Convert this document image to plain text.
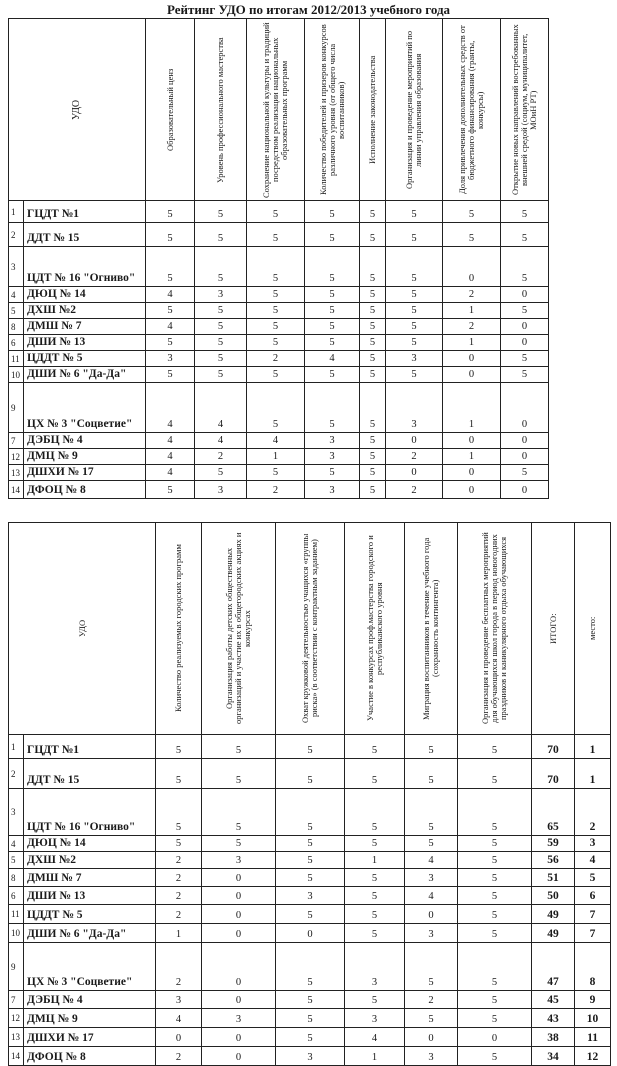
Рейтинг УДО по итогам 2012/2013 учебного года
УДО		Образовательный ценз	Уровень профессионального мастерства	Сохранение национальной культуры и традиций посредством реализации национальных образовательных программ	Количество победителей и призеров конкурсов различного уровня (от общего числа воспитанников)	Исполнение законодательства	Организация и проведение мероприятий по линии управления образования	Доля привлечения дополнительных средств от бюджетного финансирования (гранты, конкурсы)	Открытие новых направлений востребованных внешней средой (социум, муниципалитет, МОиН РТ)

1	ГЦДТ №1	5	5	5	5	5	5	5	5
2	ДДТ № 15	5	5	5	5	5	5	5	5
3	ЦДТ № 16 "Огниво"	5	5	5	5	5	5	0	5
4	ДЮЦ № 14	4	3	5	5	5	5	2	0
5	ДХШ №2	5	5	5	5	5	5	1	5
8	ДМШ № 7	4	5	5	5	5	5	2	0
6	ДШИ № 13	5	5	5	5	5	5	1	0
11	ЦДДТ № 5	3	5	2	4	5	3	0	5
10	ДШИ № 6 "Да-Да"	5	5	5	5	5	5	0	5
9	ЦХ № 3 "Соцветие"	4	4	5	5	5	3	1	0
7	ДЭБЦ № 4	4	4	4	3	5	0	0	0
12	ДМЦ № 9	4	2	1	3	5	2	1	0
13	ДШХИ № 17	4	5	5	5	5	0	0	5
14	ДФОЦ № 8	5	3	2	3	5	2	0	0
УДО		Количество реализуемых городских программ	Организация работы детских общественных организаций и участие их в общегородских акциях и конкурсах	Охват кружковой деятельностью учащихся «группы риска» (в соответствии с контрактным заданием)	Участие в конкурсах проф.мастерства городского и республиканского уровня	Миграция воспитанников в течение учебного года (сохранность контингента)	Организация и проведение бесплатных мероприятий для обучающихся школ города в период новогодних праздников и каникулярного отдыха обучающихся	ИТОГО:	место:

1	ГЦДТ №1	5	5	5	5	5	5	70	1
2	ДДТ № 15	5	5	5	5	5	5	70	1
3	ЦДТ № 16 "Огниво"	5	5	5	5	5	5	65	2
4	ДЮЦ № 14	5	5	5	5	5	5	59	3
5	ДХШ №2	2	3	5	1	4	5	56	4
8	ДМШ № 7	2	0	5	5	3	5	51	5
6	ДШИ № 13	2	0	3	5	4	5	50	6
11	ЦДДТ № 5	2	0	5	5	0	5	49	7
10	ДШИ № 6 "Да-Да"	1	0	0	5	3	5	49	7
9	ЦХ № 3 "Соцветие"	2	0	5	3	5	5	47	8
7	ДЭБЦ № 4	3	0	5	5	2	5	45	9
12	ДМЦ № 9	4	3	5	3	5	5	43	10
13	ДШХИ № 17	0	0	5	4	0	0	38	11
14	ДФОЦ № 8	2	0	3	1	3	5	34	12
